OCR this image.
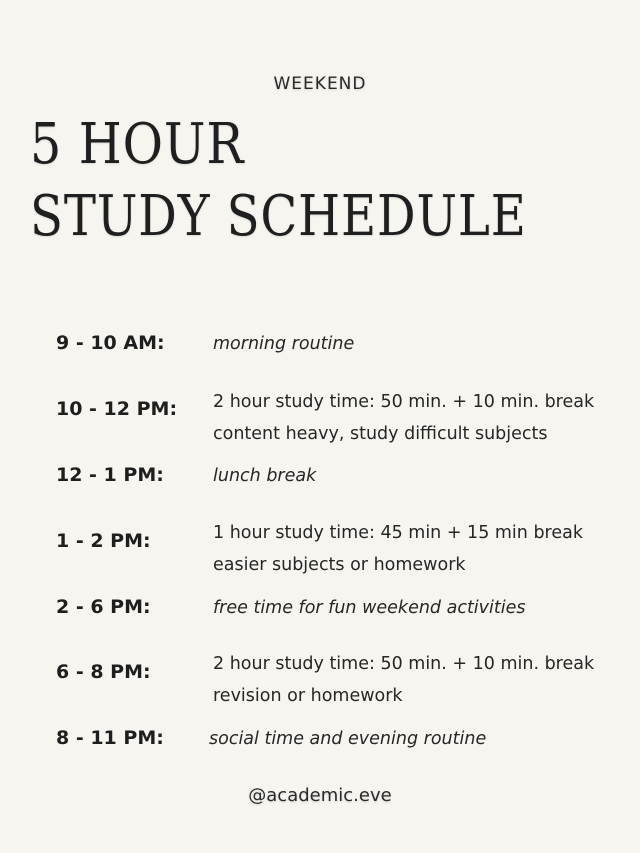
WEEKEND
5 HOUR
STUDY SCHEDULE
9 - 10 AM:	morning routine
10 - 12 PM: 2 hour study time: 50 min. + 10 min. break
content heavy, study difficult subjects
12 - 1 PM:	lunch break
1 - 2 PM:	1 hour study time: 45 min + 15 min break
easier subjects or homework
2 - 6 PM:	free time for fun weekend activities
6 - 8 PM:	2 hour study time: 50 min. + 10 min. break
revision or homework
8 - 11 PM:	social time and evening routine
@academic.eve
